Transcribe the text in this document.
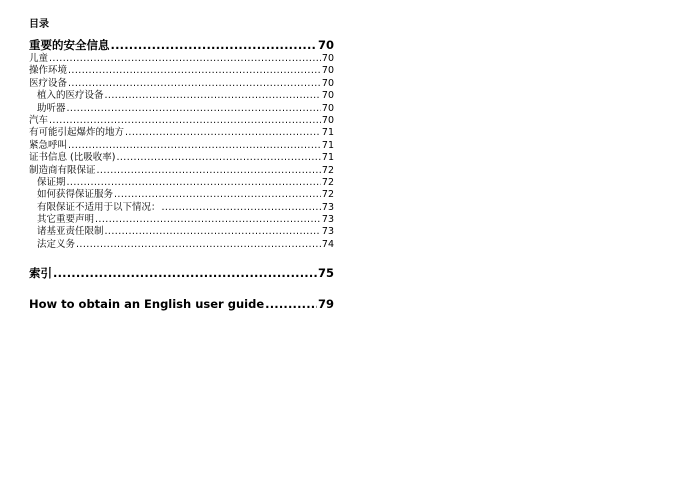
目录
重要的安全信息 .....	70
儿童 .....	70
操作环境 .....	70
医疗设备 .....	70
植入的医疗设备 .....	70
助听器 .....	70
汽车 .....	70
有可能引起爆炸的地方 .....	71
紧急呼叫 .....	71
证书信息 (比吸收率) .....	71
制造商有限保证 .....	72
保证期 .....	72
如何获得保证服务 .....	72
有限保证不适用于以下情况： .....	73
其它重要声明 .....	73
诸基亚责任限制 .....	73
法定义务 .....	74
索引 .....	75
How to obtain an English user guide .....	79
